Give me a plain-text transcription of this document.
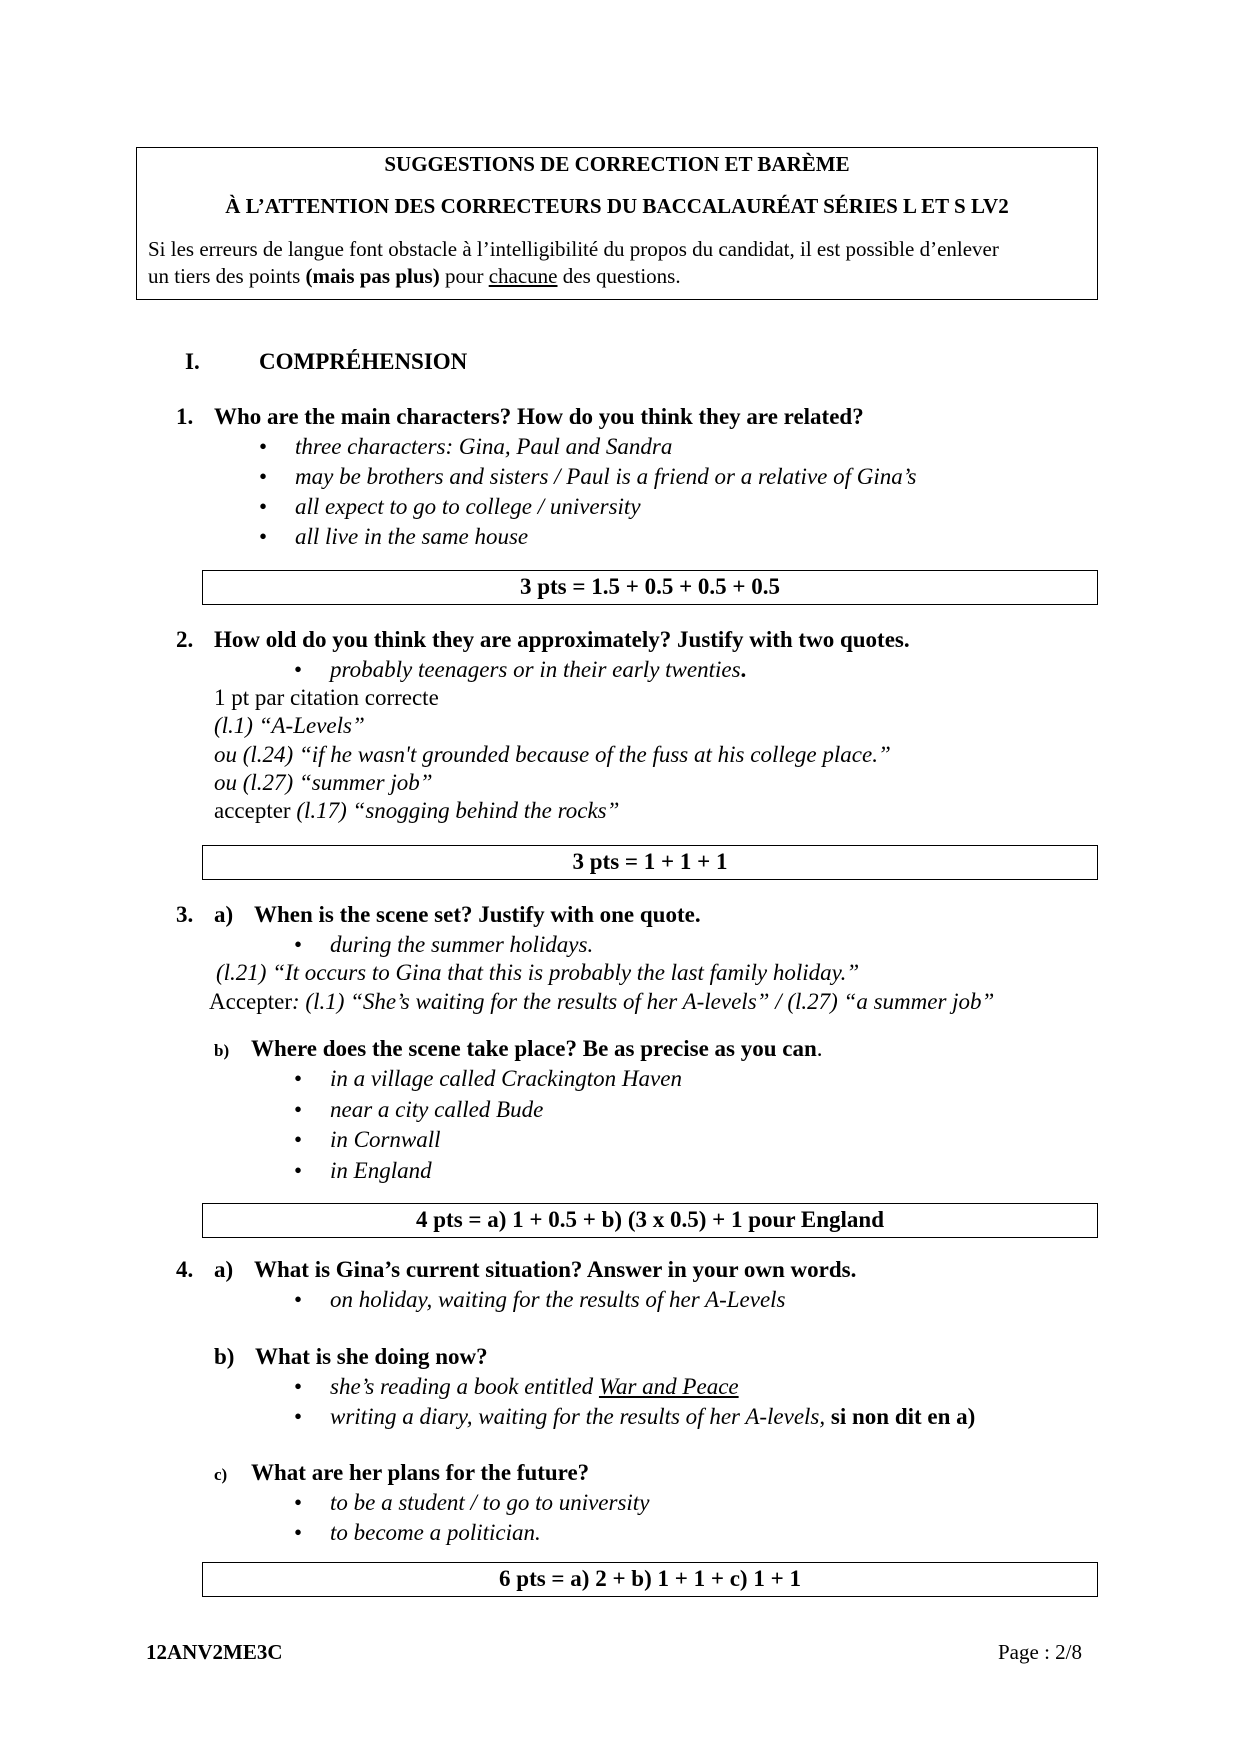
SUGGESTIONS DE CORRECTION ET BARÈME
À L’ATTENTION DES CORRECTEURS DU BACCALAURÉAT SÉRIES L ET S LV2
Si les erreurs de langue font obstacle à l’intelligibilité du propos du candidat, il est possible d’enlever
un tiers des points (mais pas plus) pour chacune des questions.
I.	COMPRÉHENSION
1. Who are the main characters? How do you think they are related?
• three characters: Gina, Paul and Sandra
• may be brothers and sisters / Paul is a friend or a relative of Gina’s
• all expect to go to college / university
• all live in the same house
3 pts = 1.5 + 0.5 + 0.5 + 0.5
2. How old do you think they are approximately? Justify with two quotes.
• probably teenagers or in their early twenties.
1 pt par citation correcte
(l.1) “A-Levels”
ou (l.24) “if he wasn't grounded because of the fuss at his college place.”
ou (l.27) “summer job”
accepter (l.17) “snogging behind the rocks”
3 pts = 1 + 1 + 1
3. a) When is the scene set? Justify with one quote.
• during the summer holidays.
(l.21) “It occurs to Gina that this is probably the last family holiday.”
Accepter: (l.1) “She’s waiting for the results of her A-levels” / (l.27) “a summer job”
b) Where does the scene take place? Be as precise as you can.
• in a village called Crackington Haven
• near a city called Bude
• in Cornwall
• in England
4 pts = a) 1 + 0.5 + b) (3 x 0.5) + 1 pour England
4. a) What is Gina’s current situation? Answer in your own words.
• on holiday, waiting for the results of her A-Levels
b) What is she doing now?
• she’s reading a book entitled War and Peace
• writing a diary, waiting for the results of her A-levels, si non dit en a)
c) What are her plans for the future?
• to be a student / to go to university
• to become a politician.
6 pts = a) 2 + b) 1 + 1 + c) 1 + 1
12ANV2ME3C	Page : 2/8
